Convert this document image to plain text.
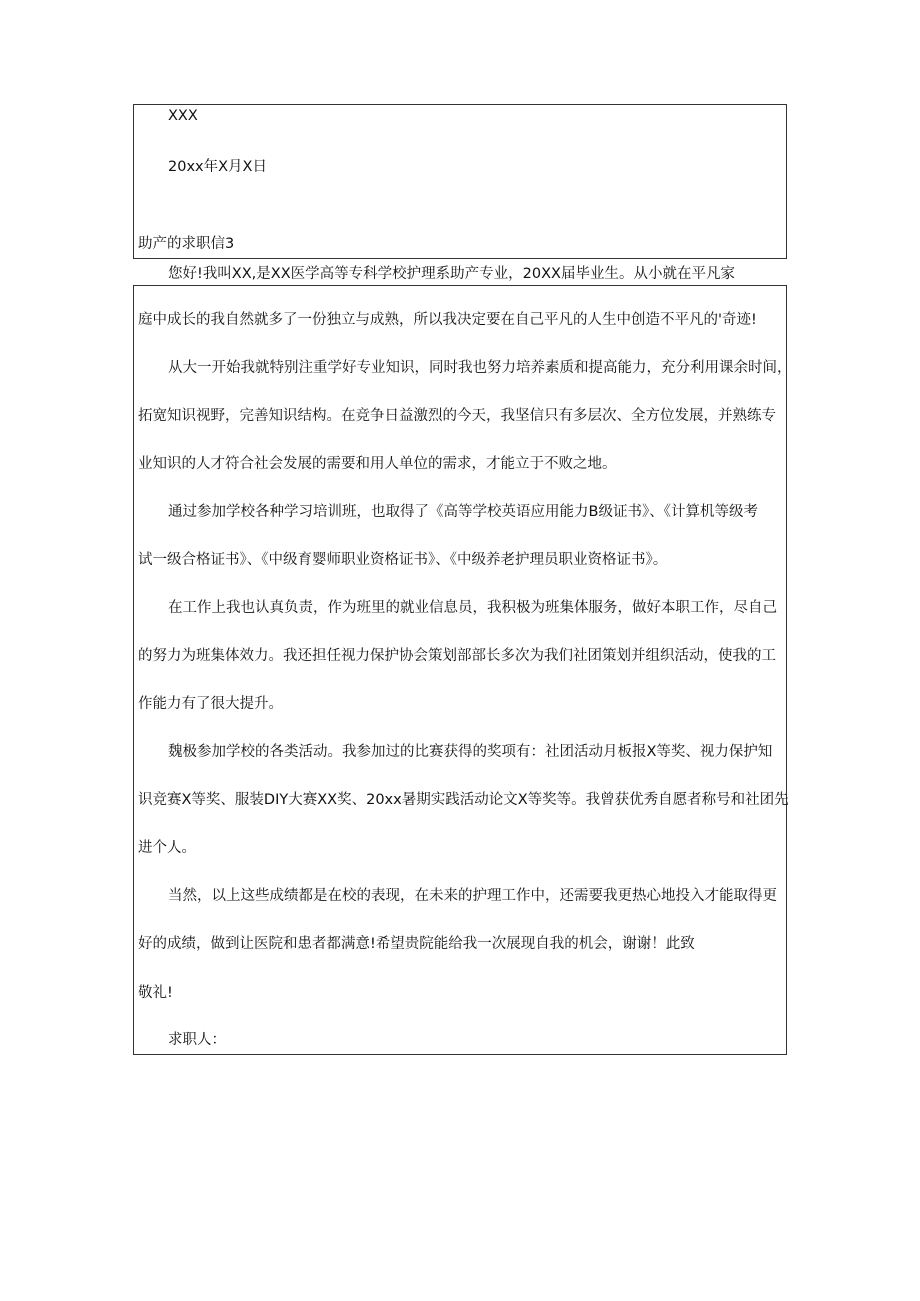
XXX
20xx年X月X日
助产的求职信3
您好!我叫XX,是XX医学高等专科学校护理系助产专业，20XX届毕业生。从小就在平凡家
庭中成长的我自然就多了一份独立与成熟，所以我决定要在自己平凡的人生中创造不平凡的'奇迹!
从大一开始我就特别注重学好专业知识，同时我也努力培养素质和提高能力，充分利用课余时间，
拓宽知识视野，完善知识结构。在竞争日益激烈的今天，我坚信只有多层次、全方位发展，并熟练专
业知识的人才符合社会发展的需要和用人单位的需求，才能立于不败之地。
通过参加学校各种学习培训班，也取得了《高等学校英语应用能力B级证书》、《计算机等级考
试一级合格证书》、《中级育婴师职业资格证书》、《中级养老护理员职业资格证书》。
在工作上我也认真负责，作为班里的就业信息员，我积极为班集体服务，做好本职工作，尽自己
的努力为班集体效力。我还担任视力保护协会策划部部长多次为我们社团策划并组织活动，使我的工
作能力有了很大提升。
魏极参加学校的各类活动。我参加过的比赛获得的奖项有：社团活动月板报X等奖、视力保护知
识竞赛X等奖、服装DIY大赛XX奖、20xx暑期实践活动论文X等奖等。我曾获优秀自愿者称号和社团先
进个人。
当然，以上这些成绩都是在校的表现，在未来的护理工作中，还需要我更热心地投入才能取得更
好的成绩，做到让医院和患者都满意!希望贵院能给我一次展现自我的机会，谢谢！此致
敬礼!
求职人：
